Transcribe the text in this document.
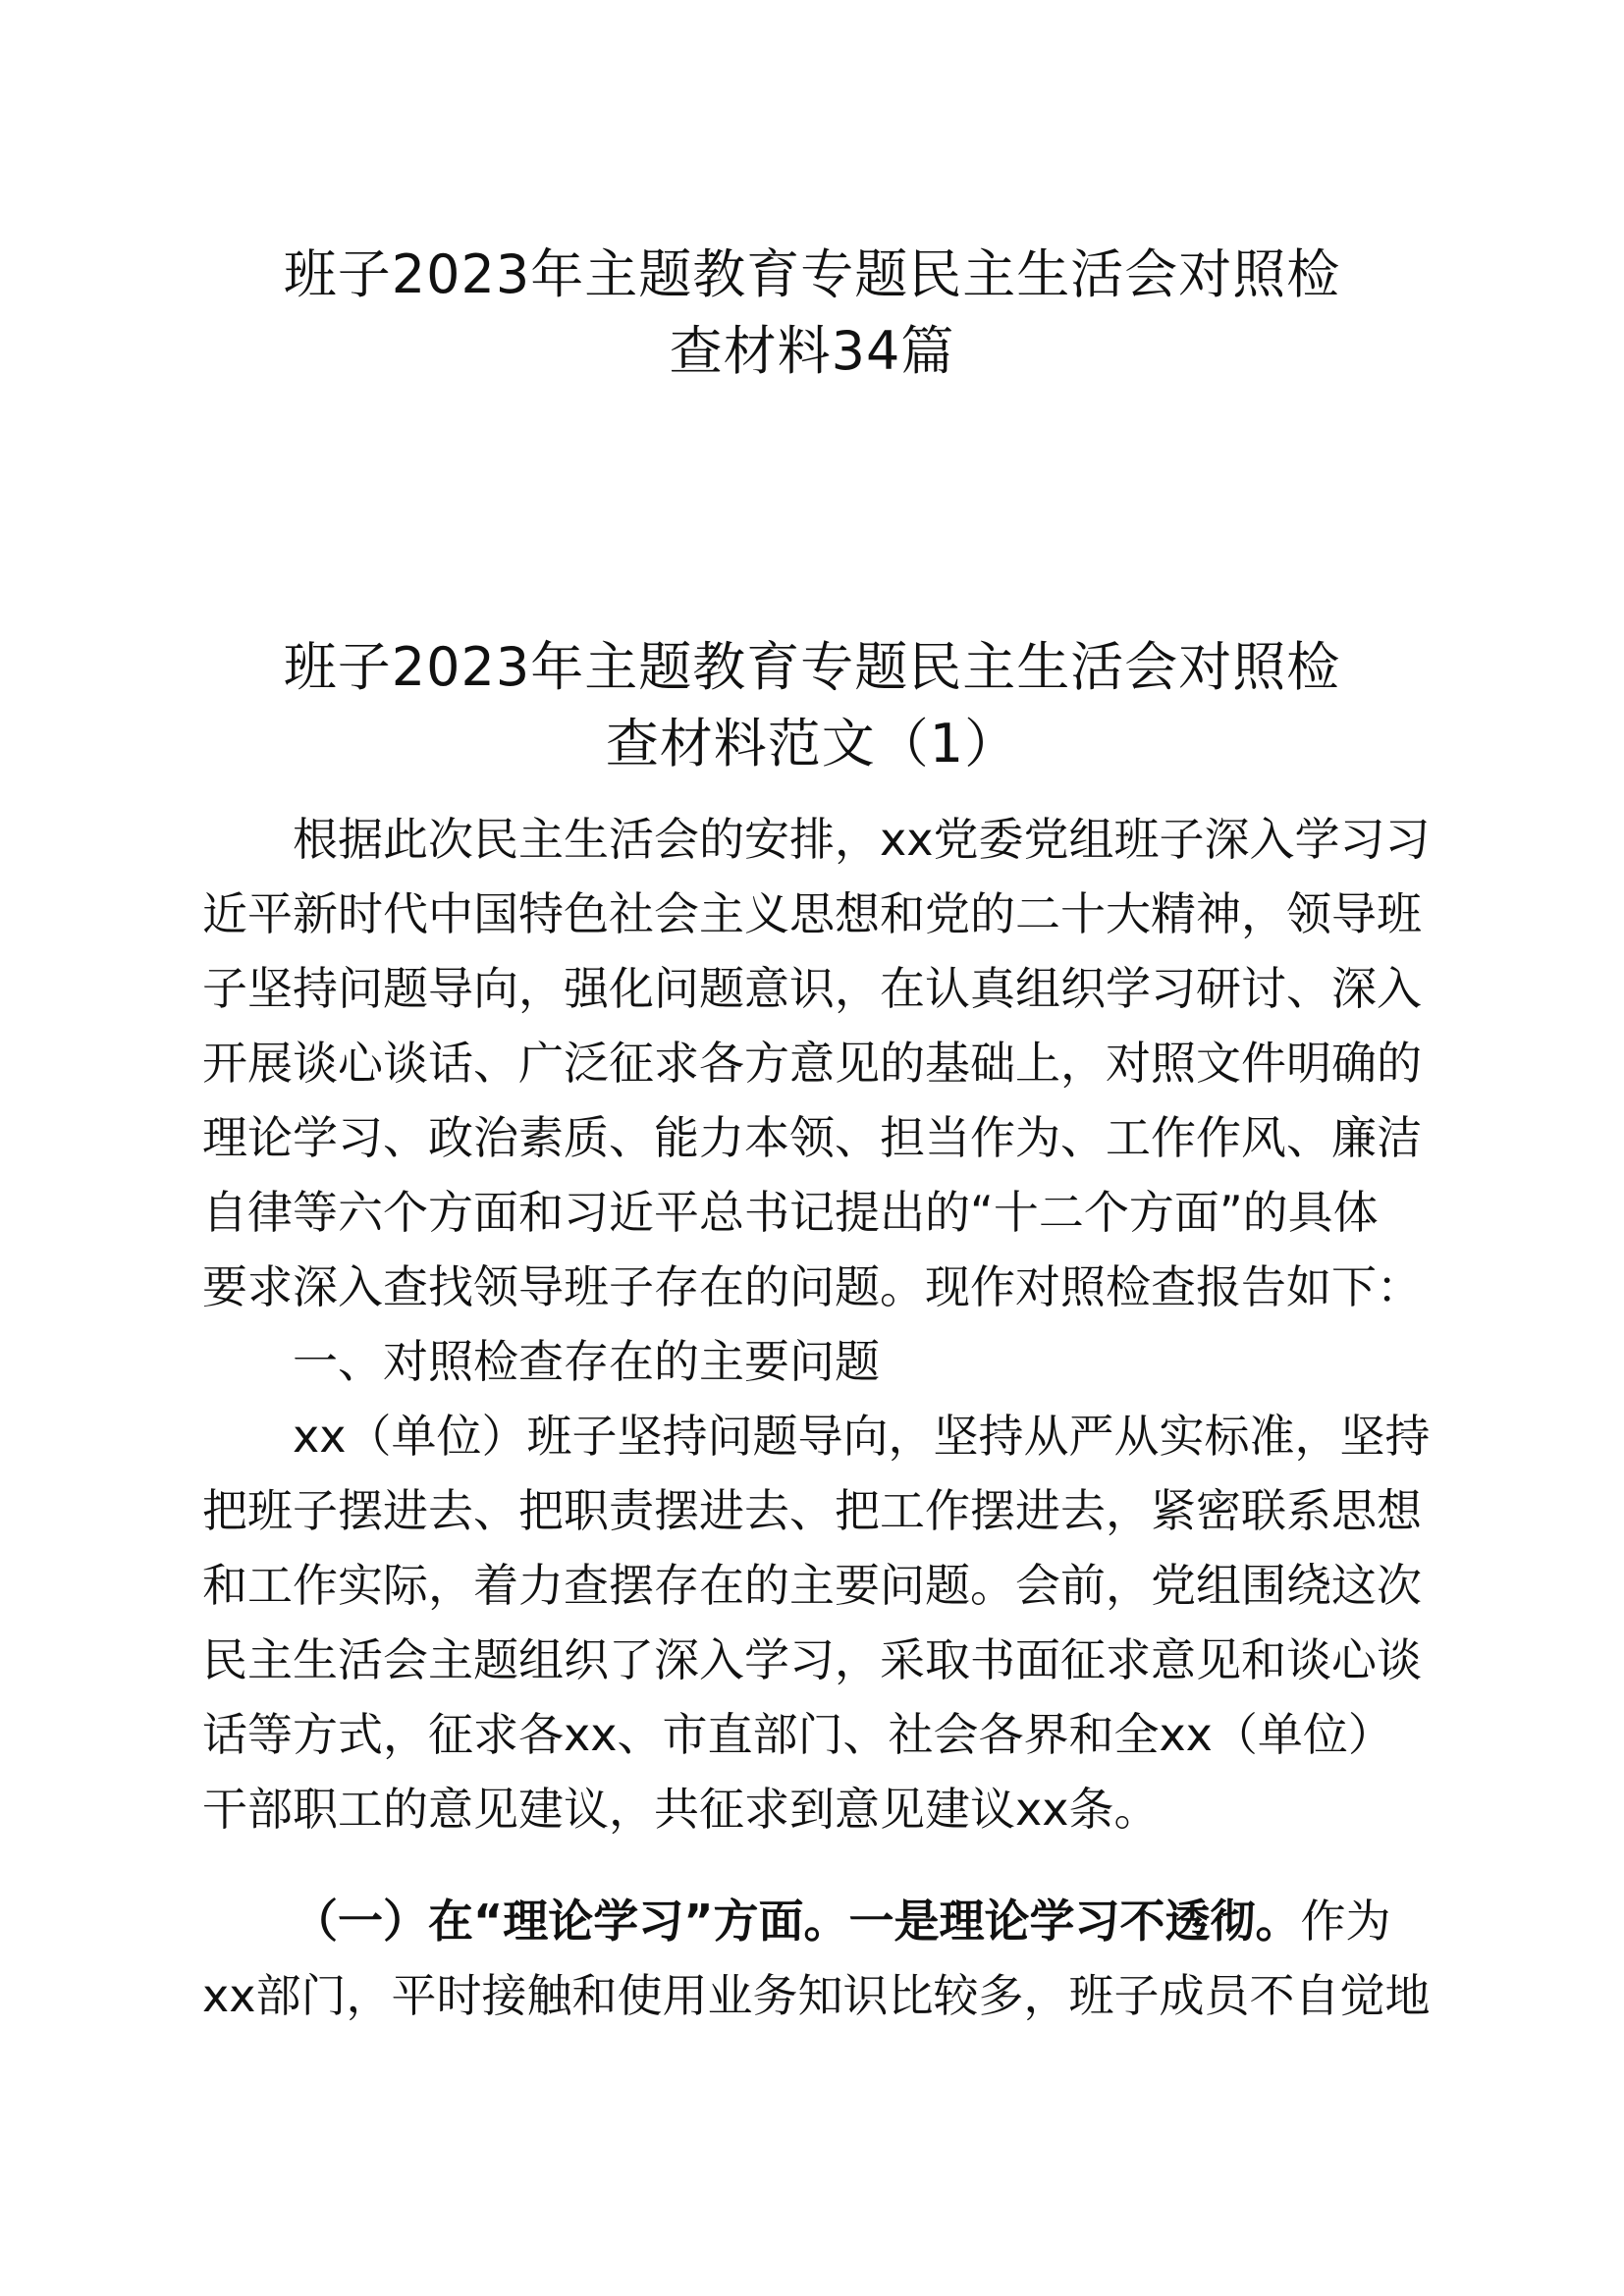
班子2023年主题教育专题民主生活会对照检
查材料34篇
班子2023年主题教育专题民主生活会对照检
查材料范文（1）
根据此次民主生活会的安排，xx党委党组班子深入学习习
近平新时代中国特色社会主义思想和党的二十大精神，领导班
子坚持问题导向，强化问题意识，在认真组织学习研讨、深入
开展谈心谈话、广泛征求各方意见的基础上，对照文件明确的
理论学习、政治素质、能力本领、担当作为、工作作风、廉洁
自律等六个方面和习近平总书记提出的“十二个方面”的具体
要求深入查找领导班子存在的问题。现作对照检查报告如下：
一、对照检查存在的主要问题
xx（单位）班子坚持问题导向，坚持从严从实标准，坚持
把班子摆进去、把职责摆进去、把工作摆进去，紧密联系思想
和工作实际，着力查摆存在的主要问题。会前，党组围绕这次
民主生活会主题组织了深入学习，采取书面征求意见和谈心谈
话等方式，征求各xx、市直部门、社会各界和全xx（单位）
干部职工的意见建议，共征求到意见建议xx条。
（一）在“理论学习”方面。一是理论学习不透彻。作为
xx部门，平时接触和使用业务知识比较多，班子成员不自觉地
